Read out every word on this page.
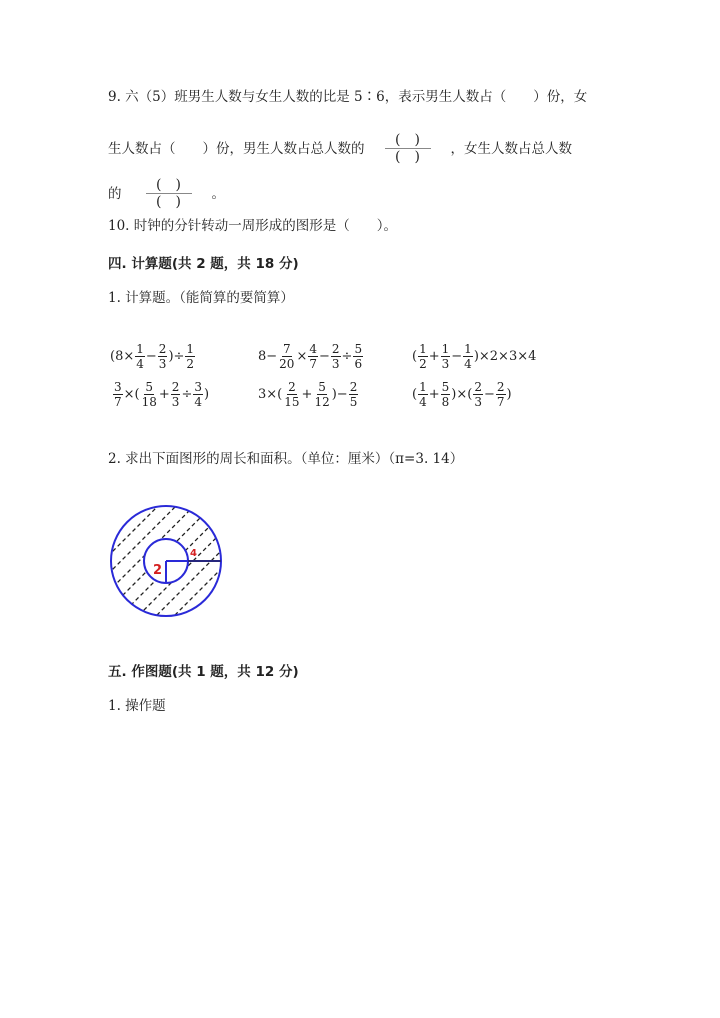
9. 六（5）班男生人数与女生人数的比是 5∶6，表示男生人数占（　　）份，女
生人数占（　　）份，男生人数占总人数的 $\frac{( )}{( )}$ ，女生人数占总人数
的 $\frac{( )}{( )}$ 。
10. 时钟的分针转动一周形成的图形是（　　）。
四. 计算题(共 2 题，共 18 分)
1. 计算题。（能简算的要简算）
($8\times \frac{1}{4} - \frac{2}{3}$ )÷ $\frac{1}{2}$	$8- \frac{7}{20} \times \frac{4}{7} - \frac{2}{3} \div \frac{5}{6}$	( $\frac{1}{2} + \frac{1}{3} - \frac{1}{4} )\times 2\times 3\times 4$
$\frac{3}{7}$ ×( $\frac{5}{18} + \frac{2}{3} \div \frac{3}{4}$ )	$3\times( \frac{2}{15} + \frac{5}{12}$ )− $\frac{2}{5}$	( $\frac{1}{4} + \frac{5}{8}$ )×( $\frac{2}{3} - \frac{2}{7}$ )
2. 求出下面图形的周长和面积。（单位：厘米）（π=3. 14）
2
4
五. 作图题(共 1 题，共 12 分)
1. 操作题
